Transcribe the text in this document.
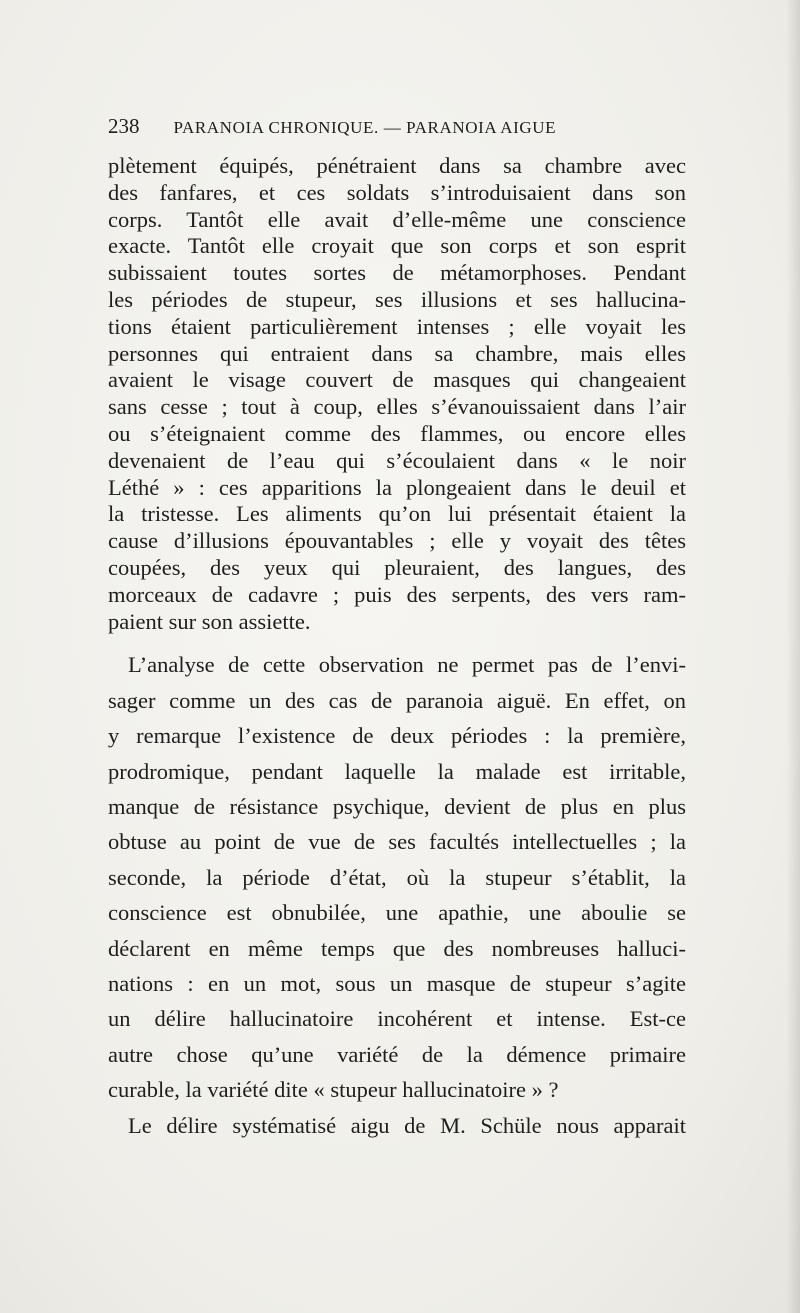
238 PARANOIA CHRONIQUE. — PARANOIA AIGUE

plètement équipés, pénétraient dans sa chambre avec
des fanfares, et ces soldats s’introduisaient dans son
corps. Tantôt elle avait d’elle-même une conscience
exacte. Tantôt elle croyait que son corps et son esprit
subissaient toutes sortes de métamorphoses. Pendant
les périodes de stupeur, ses illusions et ses hallucina-
tions étaient particulièrement intenses ; elle voyait les
personnes qui entraient dans sa chambre, mais elles
avaient le visage couvert de masques qui changeaient
sans cesse ; tout à coup, elles s’évanouissaient dans l’air
ou s’éteignaient comme des flammes, ou encore elles
devenaient de l’eau qui s’écoulaient dans « le noir
Léthé » : ces apparitions la plongeaient dans le deuil et
la tristesse. Les aliments qu’on lui présentait étaient la
cause d’illusions épouvantables ; elle y voyait des têtes
coupées, des yeux qui pleuraient, des langues, des
morceaux de cadavre ; puis des serpents, des vers ram-
paient sur son assiette.

L’analyse de cette observation ne permet pas de l’envi-
sager comme un des cas de paranoia aiguë. En effet, on
y remarque l’existence de deux périodes : la première,
prodromique, pendant laquelle la malade est irritable,
manque de résistance psychique, devient de plus en plus
obtuse au point de vue de ses facultés intellectuelles ; la
seconde, la période d’état, où la stupeur s’établit, la
conscience est obnubilée, une apathie, une aboulie se
déclarent en même temps que des nombreuses halluci-
nations : en un mot, sous un masque de stupeur s’agite
un délire hallucinatoire incohérent et intense. Est-ce
autre chose qu’une variété de la démence primaire
curable, la variété dite « stupeur hallucinatoire » ?

Le délire systématisé aigu de M. Schüle nous apparait
